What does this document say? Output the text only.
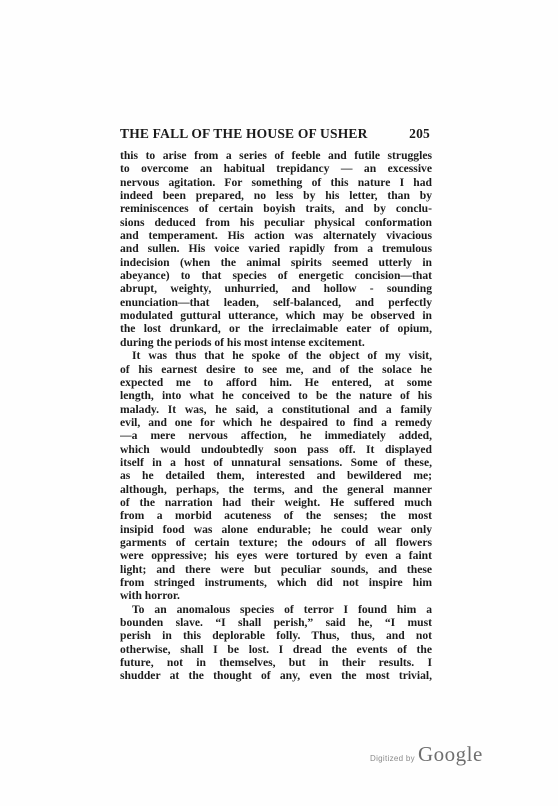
THE FALL OF THE HOUSE OF USHER	205
this to arise from a series of feeble and futile struggles
to overcome an habitual trepidancy — an excessive
nervous agitation. For something of this nature I had
indeed been prepared, no less by his letter, than by
reminiscences of certain boyish traits, and by conclu-
sions deduced from his peculiar physical conformation
and temperament. His action was alternately vivacious
and sullen. His voice varied rapidly from a tremulous
indecision (when the animal spirits seemed utterly in
abeyance) to that species of energetic concision—that
abrupt, weighty, unhurried, and hollow - sounding
enunciation—that leaden, self-balanced, and perfectly
modulated guttural utterance, which may be observed in
the lost drunkard, or the irreclaimable eater of opium,
during the periods of his most intense excitement.
It was thus that he spoke of the object of my visit,
of his earnest desire to see me, and of the solace he
expected me to afford him. He entered, at some
length, into what he conceived to be the nature of his
malady. It was, he said, a constitutional and a family
evil, and one for which he despaired to find a remedy
—a mere nervous affection, he immediately added,
which would undoubtedly soon pass off. It displayed
itself in a host of unnatural sensations. Some of these,
as he detailed them, interested and bewildered me;
although, perhaps, the terms, and the general manner
of the narration had their weight. He suffered much
from a morbid acuteness of the senses; the most
insipid food was alone endurable; he could wear only
garments of certain texture; the odours of all flowers
were oppressive; his eyes were tortured by even a faint
light; and there were but peculiar sounds, and these
from stringed instruments, which did not inspire him
with horror.
To an anomalous species of terror I found him a
bounden slave. “I shall perish,” said he, “I must
perish in this deplorable folly. Thus, thus, and not
otherwise, shall I be lost. I dread the events of the
future, not in themselves, but in their results. I
shudder at the thought of any, even the most trivial,
Digitized by Google
